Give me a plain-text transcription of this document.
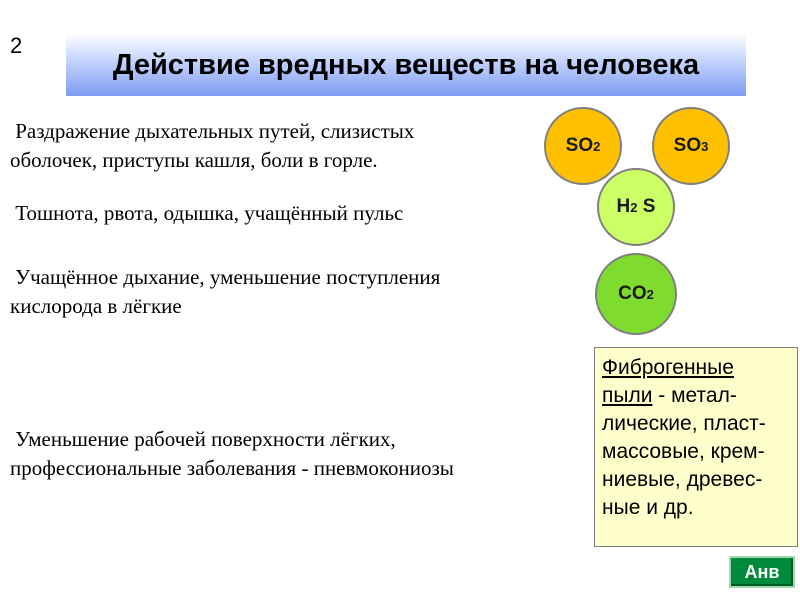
2
Действие вредных веществ на человека
Раздражение дыхательных путей, слизистых
оболочек, приступы кашля, боли в горле.
Тошнота, рвота, одышка, учащённый пульс
Учащённое дыхание, уменьшение поступления
кислорода в лёгкие
Уменьшение рабочей поверхности лёгких,
профессиональные заболевания - пневмокониозы
SO 2	SO 3
H 2 S
CO 2
Фиброгенные
пыли - метал-
лические, пласт-
массовые, крем-
ниевые, древес-
ные и др.
Анв
